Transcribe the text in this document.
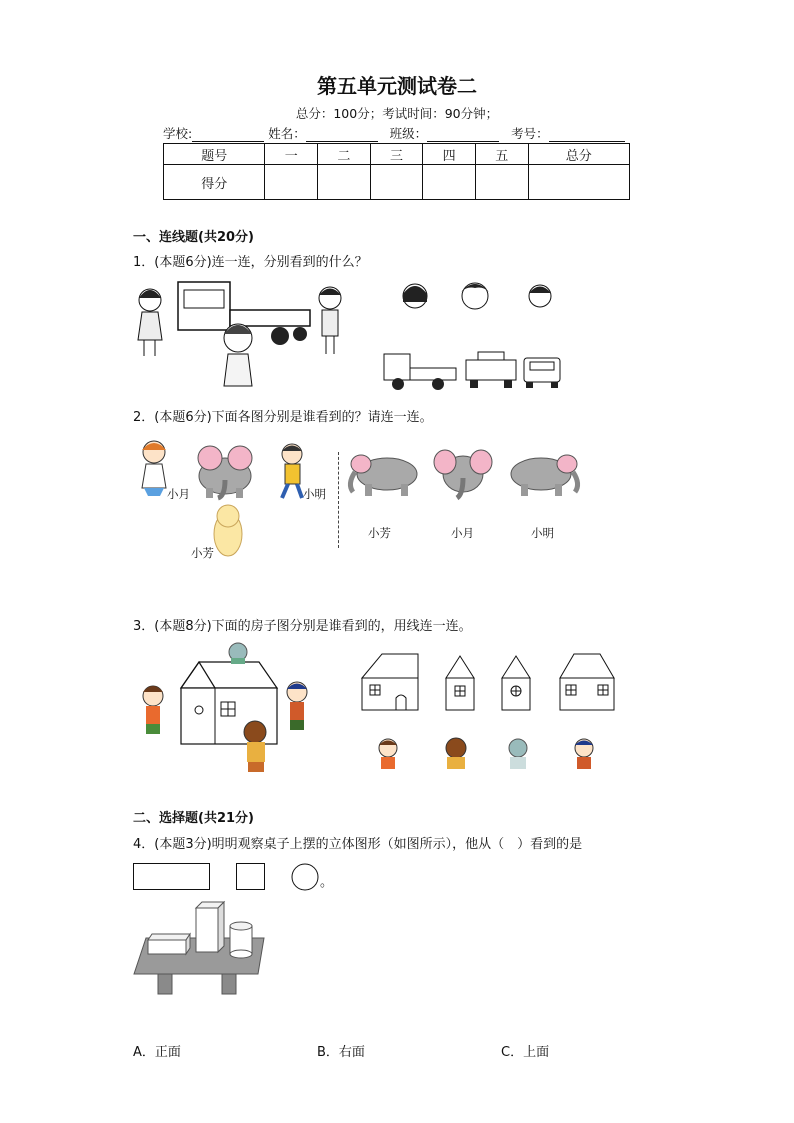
第五单元测试卷二
总分：100分；考试时间：90分钟；
学校:	姓名：	班级：	考号：
题号	一	二	三	四	五	总分
得分						
一、连线题(共20分)
1．(本题6分)连一连，分别看到的什么？
2．(本题6分)下面各图分别是谁看到的？请连一连。
小月	小明
小芳
小芳	小月	小明
3．(本题8分)下面的房子图分别是谁看到的，用线连一连。
二、选择题(共21分)
4．(本题3分)明明观察桌子上摆的立体图形（如图所示），他从（　）看到的是
。
A．正面	B．右面	C．上面
